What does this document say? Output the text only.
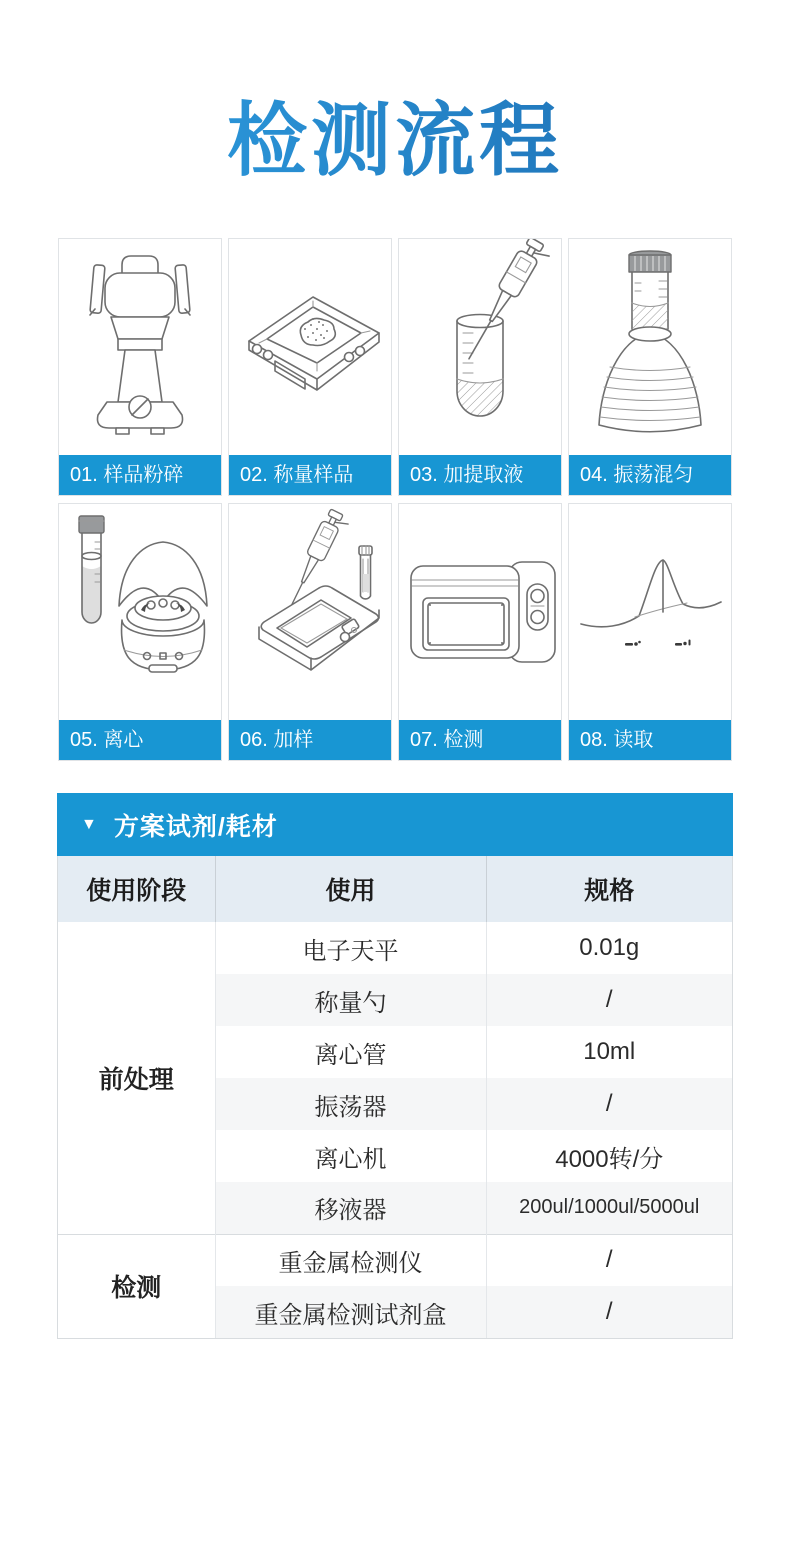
检测流程
01. 样品粉碎	02. 称量样品	03. 加提取液	04. 振荡混匀
05. 离心	06. 加样	07. 检测	08. 读取
▼ 方案试剂/耗材
使用阶段	使用	规格
前处理	电子天平	0.01g
	称量勺	/
	离心管	10ml
	振荡器	/
	离心机	4000转/分
	移液器	200ul/1000ul/5000ul
检测	重金属检测仪	/
	重金属检测试剂盒	/
